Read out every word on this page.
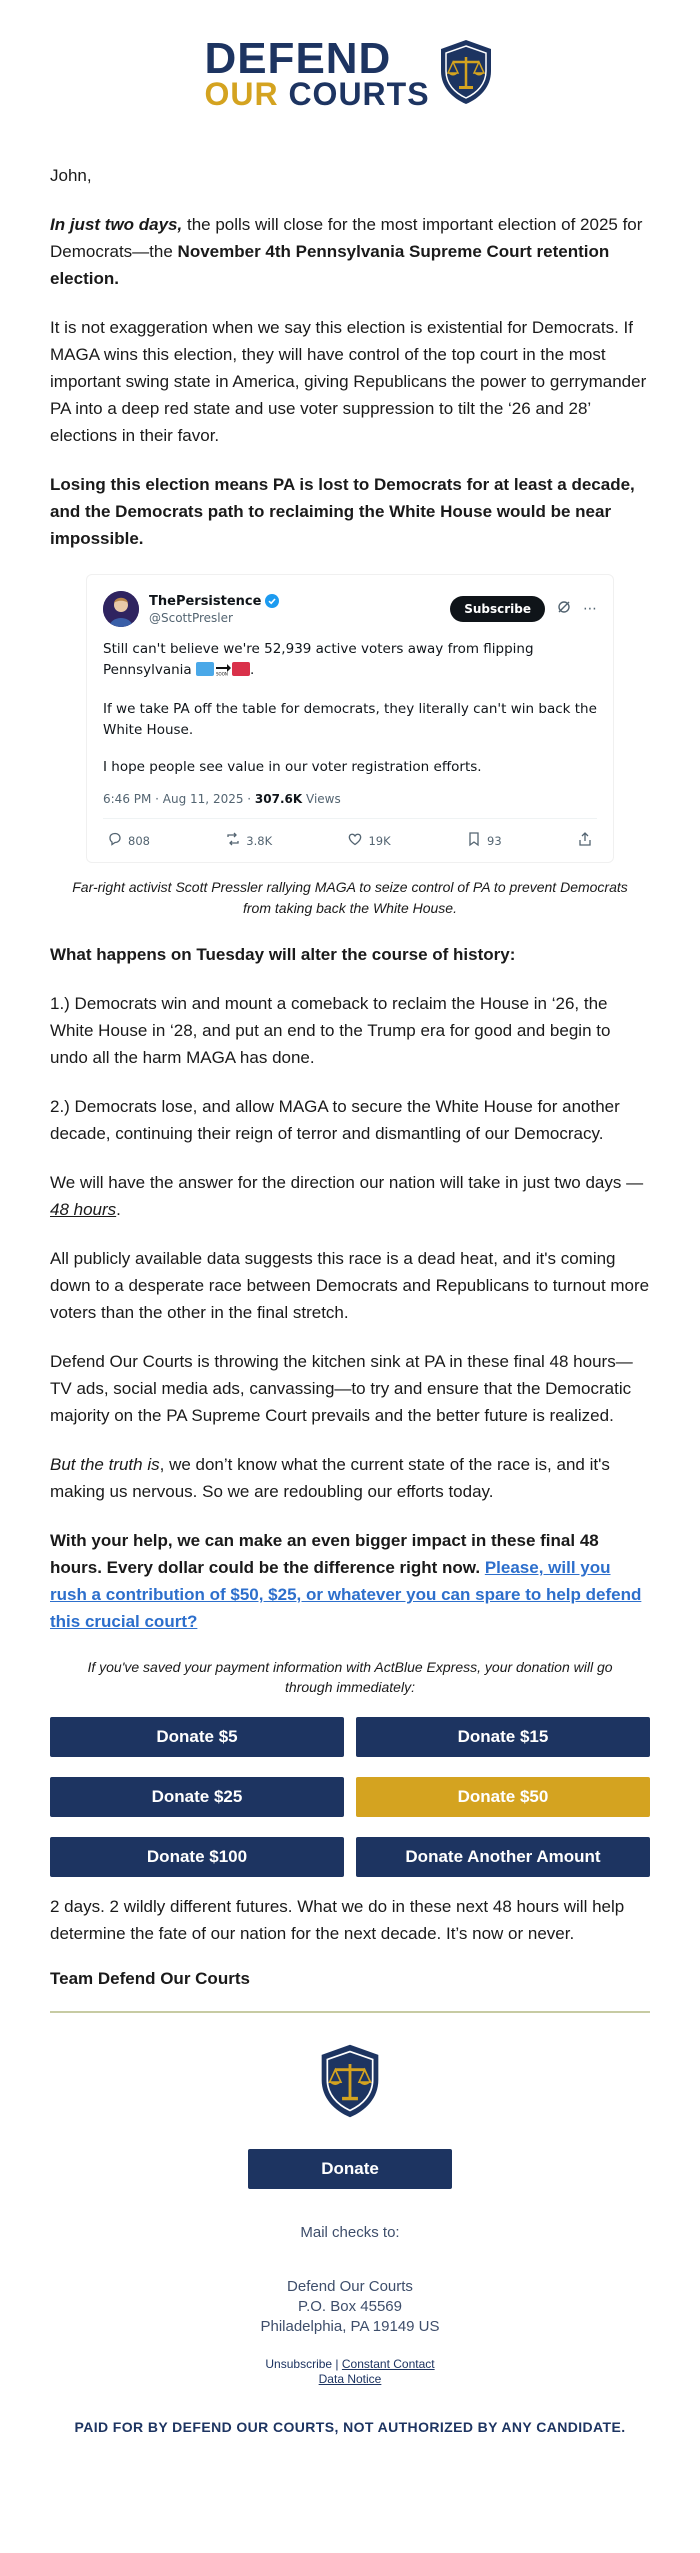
DEFEND
OUR COURTS

John,

In just two days, the polls will close for the most important election of 2025 for Democrats—the November 4th Pennsylvania Supreme Court retention election.

It is not exaggeration when we say this election is existential for Democrats. If MAGA wins this election, they will have control of the top court in the most important swing state in America, giving Republicans the power to gerrymander PA into a deep red state and use voter suppression to tilt the ‘26 and 28’ elections in their favor.

Losing this election means PA is lost to Democrats for at least a decade, and the Democrats path to reclaiming the White House would be near impossible.

ThePersistence
@ScottPresler
Subscribe	⋯

Still can't believe we're 52,939 active voters away from flipping Pennsylvania	SOON .

If we take PA off the table for democrats, they literally can't win back the White House.

I hope people see value in our voter registration efforts.

6:46 PM · Aug 11, 2025 · 307.6K Views
808	3.8K	19K	93

Far-right activist Scott Pressler rallying MAGA to seize control of PA to prevent Democrats from taking back the White House.

What happens on Tuesday will alter the course of history:

1.) Democrats win and mount a comeback to reclaim the House in ‘26, the White House in ‘28, and put an end to the Trump era for good and begin to undo all the harm MAGA has done.

2.) Democrats lose, and allow MAGA to secure the White House for another decade, continuing their reign of terror and dismantling of our Democracy.

We will have the answer for the direction our nation will take in just two days — 48 hours.

All publicly available data suggests this race is a dead heat, and it's coming down to a desperate race between Democrats and Republicans to turnout more voters than the other in the final stretch.

Defend Our Courts is throwing the kitchen sink at PA in these final 48 hours—TV ads, social media ads, canvassing—to try and ensure that the Democratic majority on the PA Supreme Court prevails and the better future is realized.

But the truth is, we don’t know what the current state of the race is, and it's making us nervous. So we are redoubling our efforts today.

With your help, we can make an even bigger impact in these final 48 hours. Every dollar could be the difference right now. Please, will you rush a contribution of $50, $25, or whatever you can spare to help defend this crucial court?

If you've saved your payment information with ActBlue Express, your donation will go through immediately:

Donate $5	Donate $15
Donate $25	Donate $50
Donate $100	Donate Another Amount

2 days. 2 wildly different futures. What we do in these next 48 hours will help determine the fate of our nation for the next decade. It’s now or never.

Team Defend Our Courts

Donate
Mail checks to:
Defend Our Courts
P.O. Box 45569
Philadelphia, PA 19149 US
Unsubscribe | Constant Contact
Data Notice
PAID FOR BY DEFEND OUR COURTS, NOT AUTHORIZED BY ANY CANDIDATE.
